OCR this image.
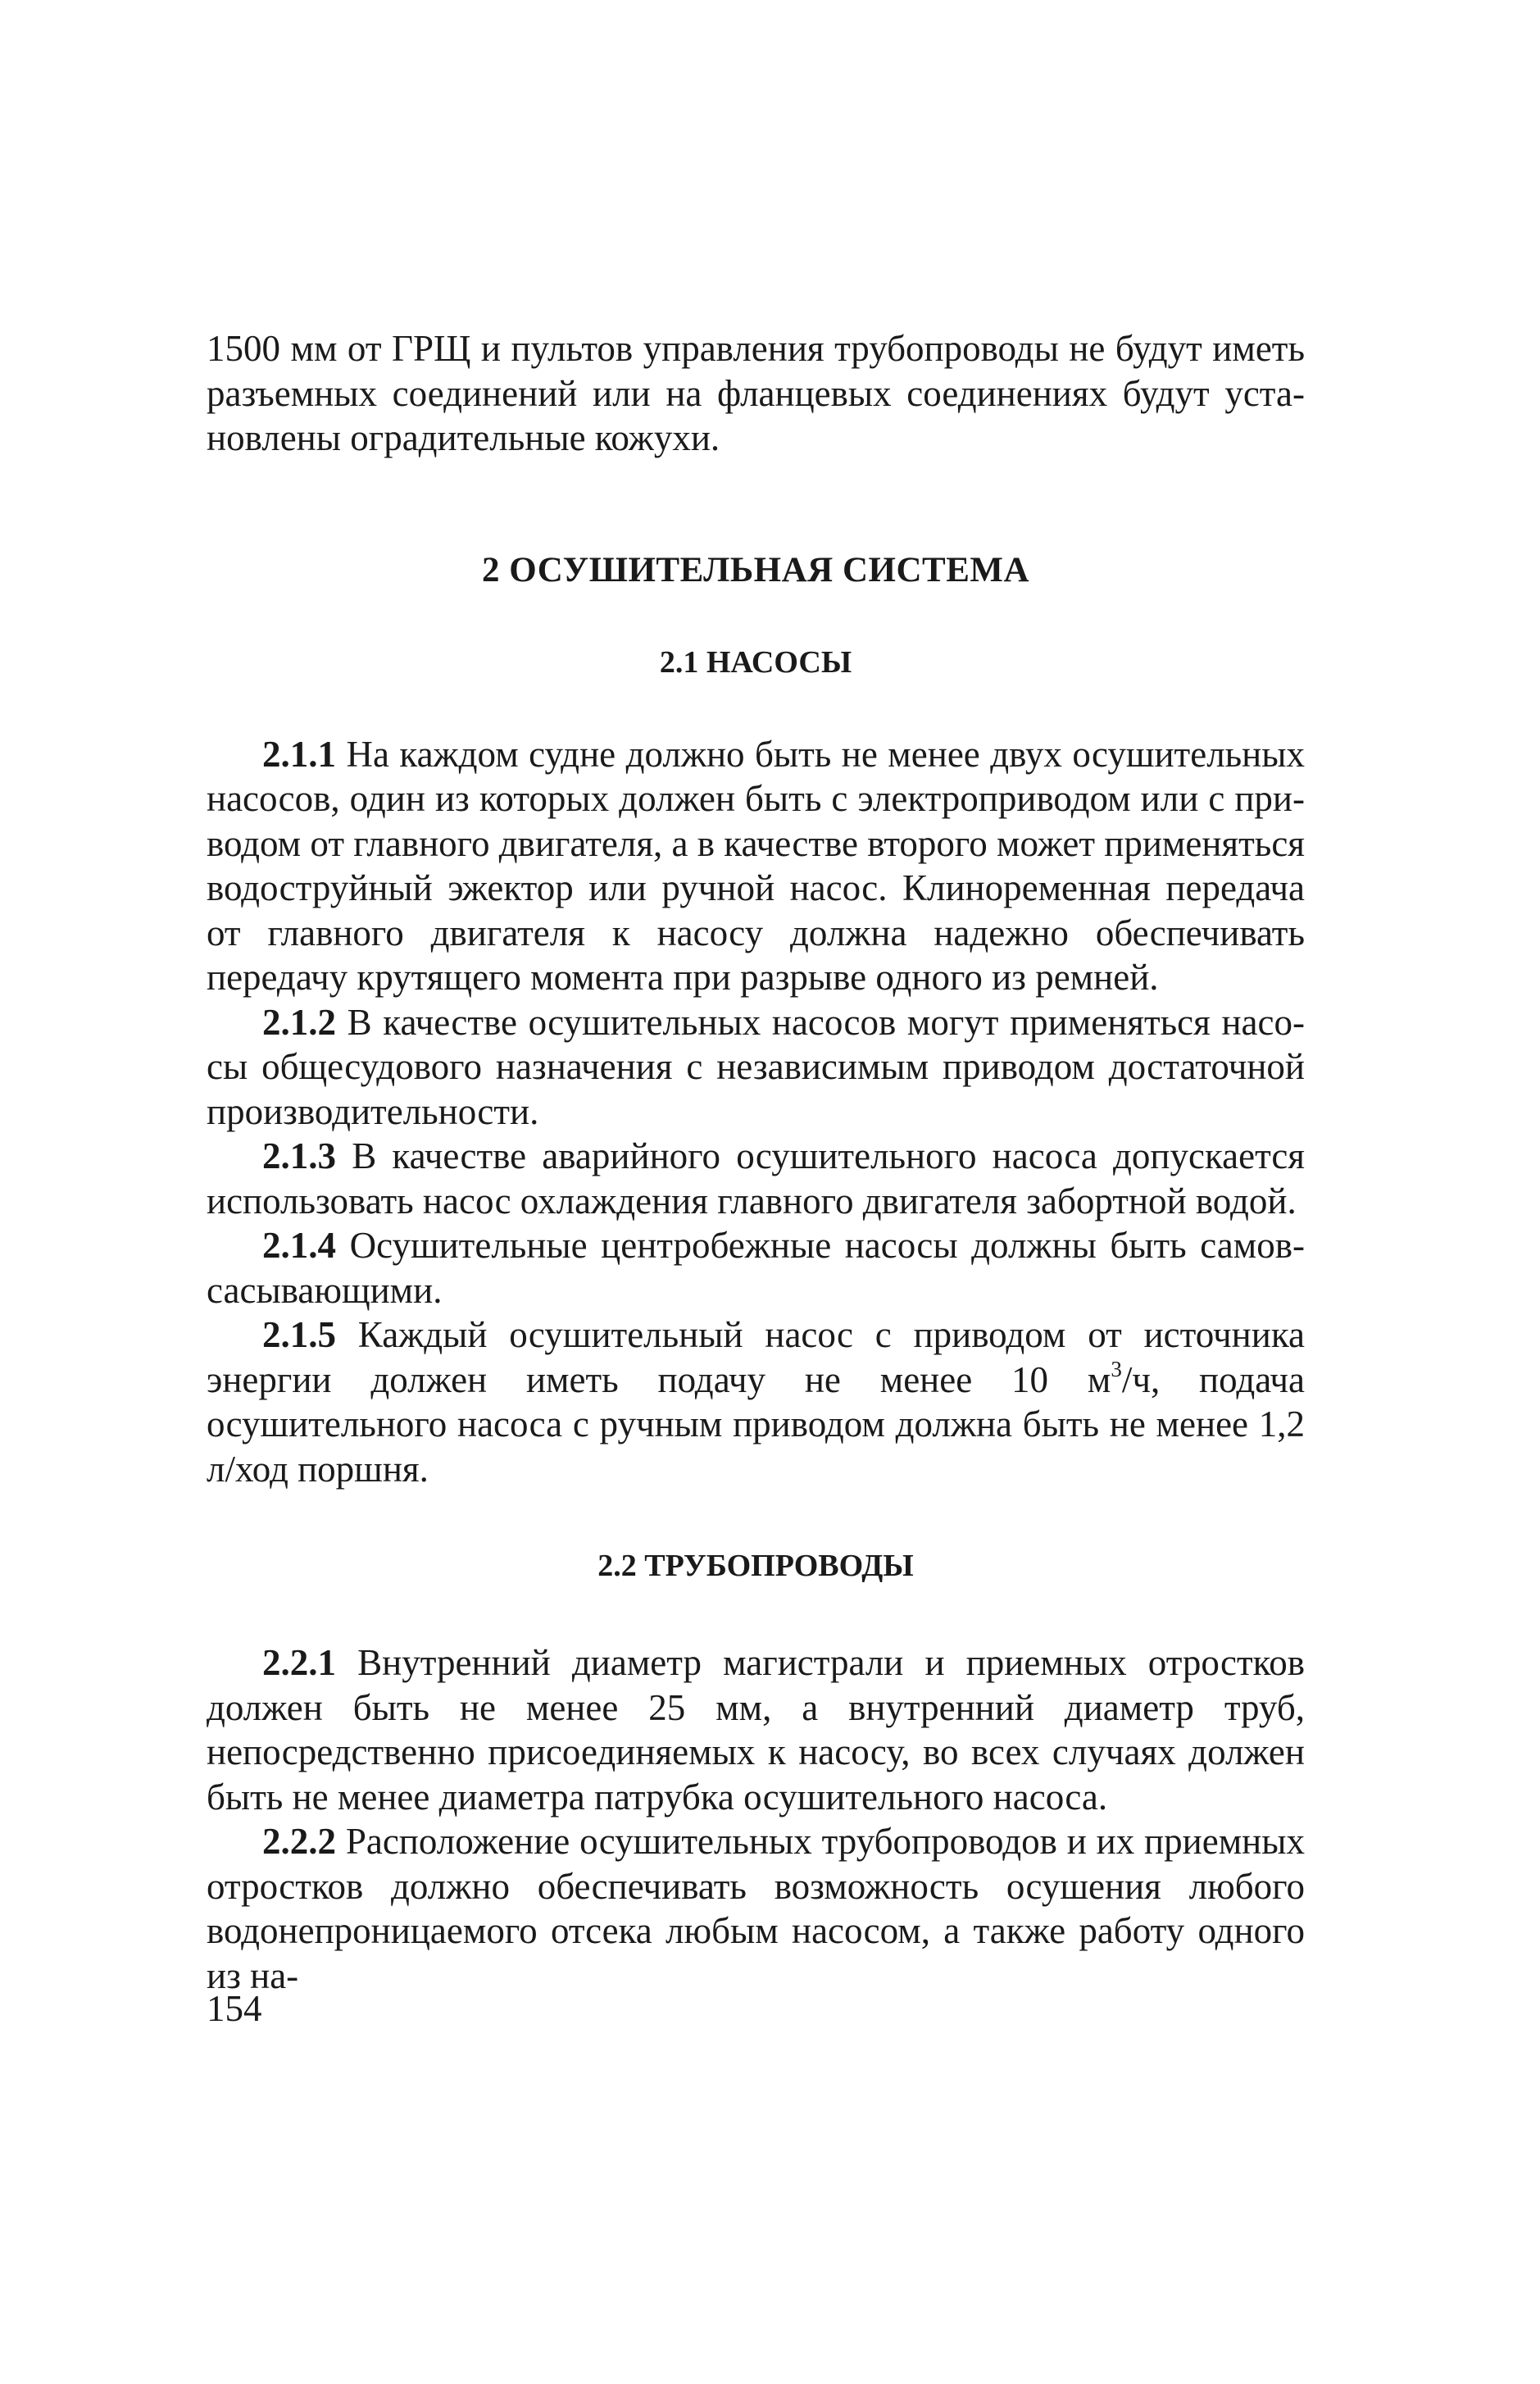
1500 мм от ГРЩ и пультов управления трубопроводы не будут иметь разъемных соединений или на фланцевых соединениях будут установлены оградительные кожухи.

2 ОСУШИТЕЛЬНАЯ СИСТЕМА
2.1 НАСОСЫ

2.1.1 На каждом судне должно быть не менее двух осушительных насосов, один из которых должен быть с электроприводом или с приводом от главного двигателя, а в качестве второго может применяться водоструйный эжектор или ручной насос. Клиноременная передача от главного двигателя к насосу должна надежно обеспечивать передачу крутящего момента при разрыве одного из ремней.

2.1.2 В качестве осушительных насосов могут применяться насосы общесудового назначения с независимым приводом достаточной производительности.

2.1.3 В качестве аварийного осушительного насоса допускается использовать насос охлаждения главного двигателя забортной водой.

2.1.4 Осушительные центробежные насосы должны быть самовсасывающими.

2.1.5 Каждый осушительный насос с приводом от источника энергии должен иметь подачу не менее 10 $м^3/ч$, подача осушительного насоса с ручным приводом должна быть не менее 1,2 л/ход поршня.

2.2 ТРУБОПРОВОДЫ

2.2.1 Внутренний диаметр магистрали и приемных отростков должен быть не менее 25 мм, а внутренний диаметр труб, непосредственно присоединяемых к насосу, во всех случаях должен быть не менее диаметра патрубка осушительного насоса.

2.2.2 Расположение осушительных трубопроводов и их приемных отростков должно обеспечивать возможность осушения любого водонепроницаемого отсека любым насосом, а также работу одного из на-

154
